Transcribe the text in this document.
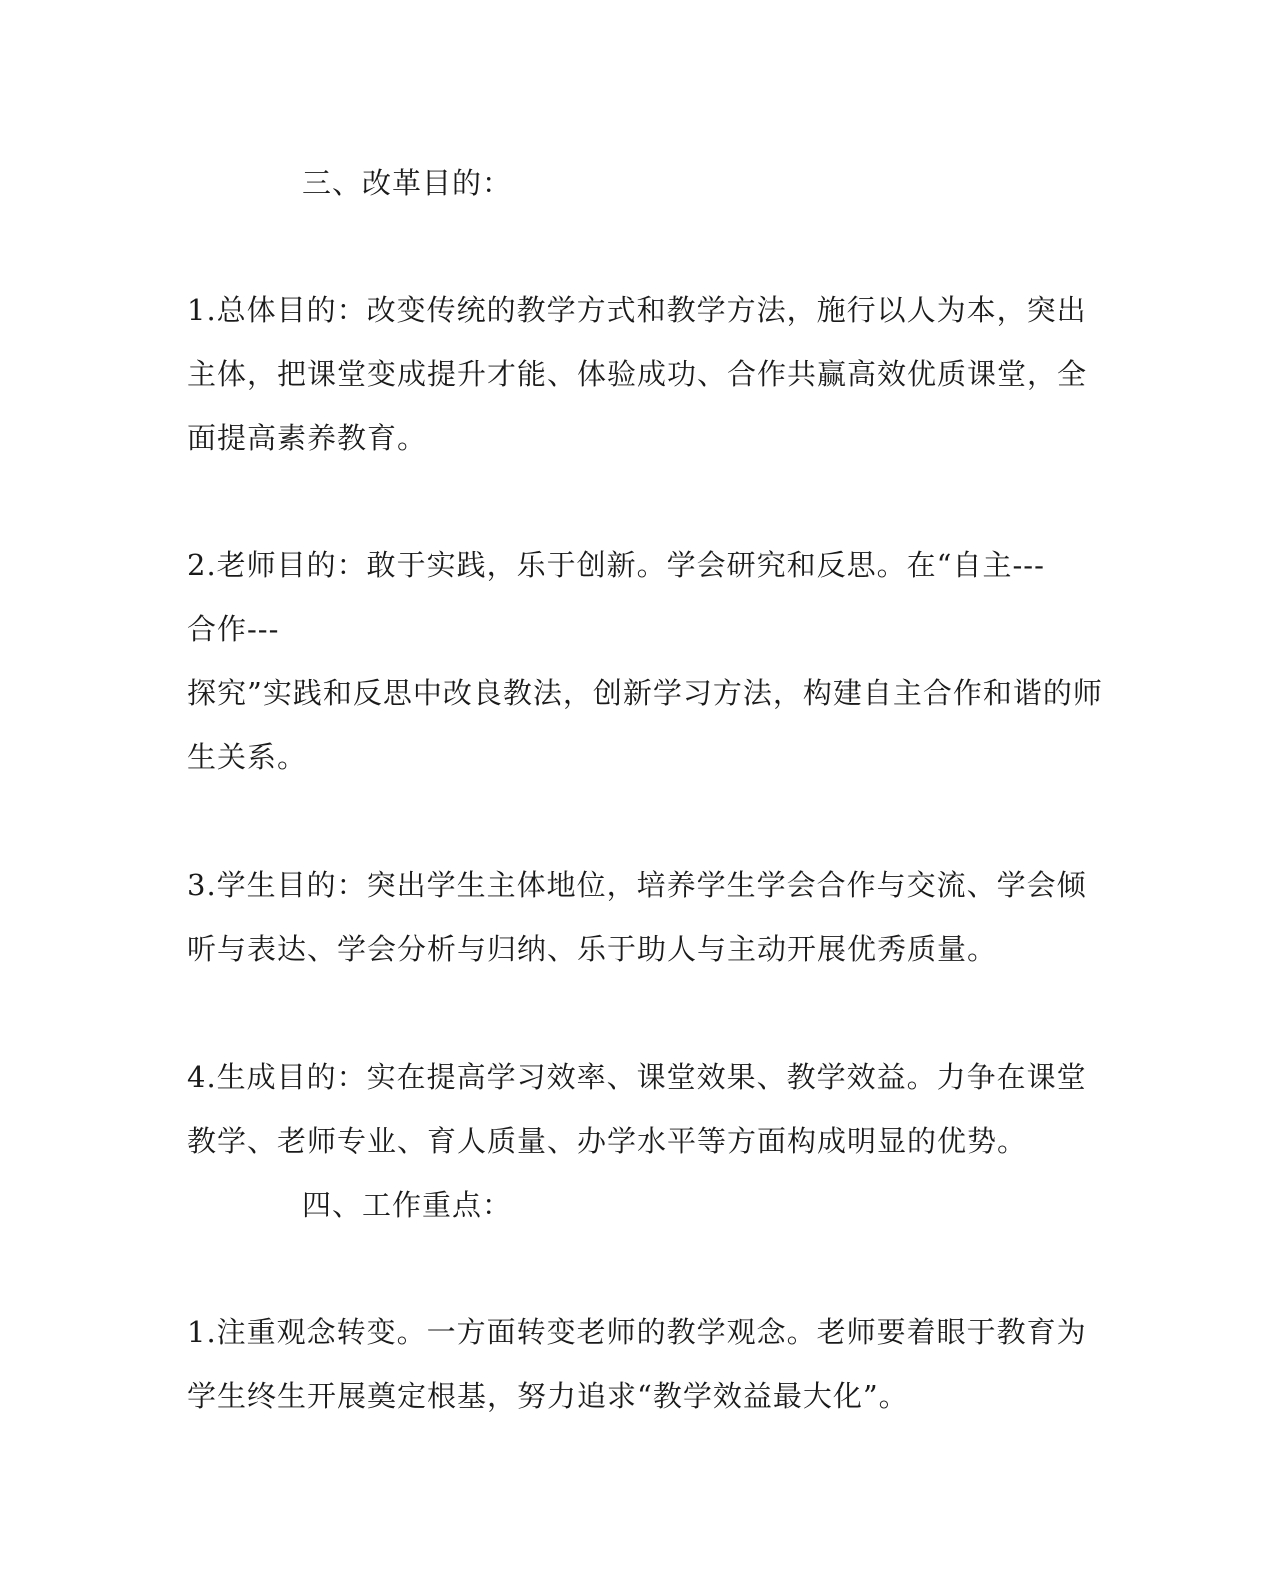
三、改革目的：
1.总体目的：改变传统的教学方式和教学方法，施行以人为本，突出
主体，把课堂变成提升才能、体验成功、合作共赢高效优质课堂，全
面提高素养教育。
2.老师目的：敢于实践，乐于创新。学会研究和反思。在“自主---
合作---
探究”实践和反思中改良教法，创新学习方法，构建自主合作和谐的师
生关系。
3.学生目的：突出学生主体地位，培养学生学会合作与交流、学会倾
听与表达、学会分析与归纳、乐于助人与主动开展优秀质量。
4.生成目的：实在提高学习效率、课堂效果、教学效益。力争在课堂
教学、老师专业、育人质量、办学水平等方面构成明显的优势。
四、工作重点：
1.注重观念转变。一方面转变老师的教学观念。老师要着眼于教育为
学生终生开展奠定根基，努力追求“教学效益最大化”。
